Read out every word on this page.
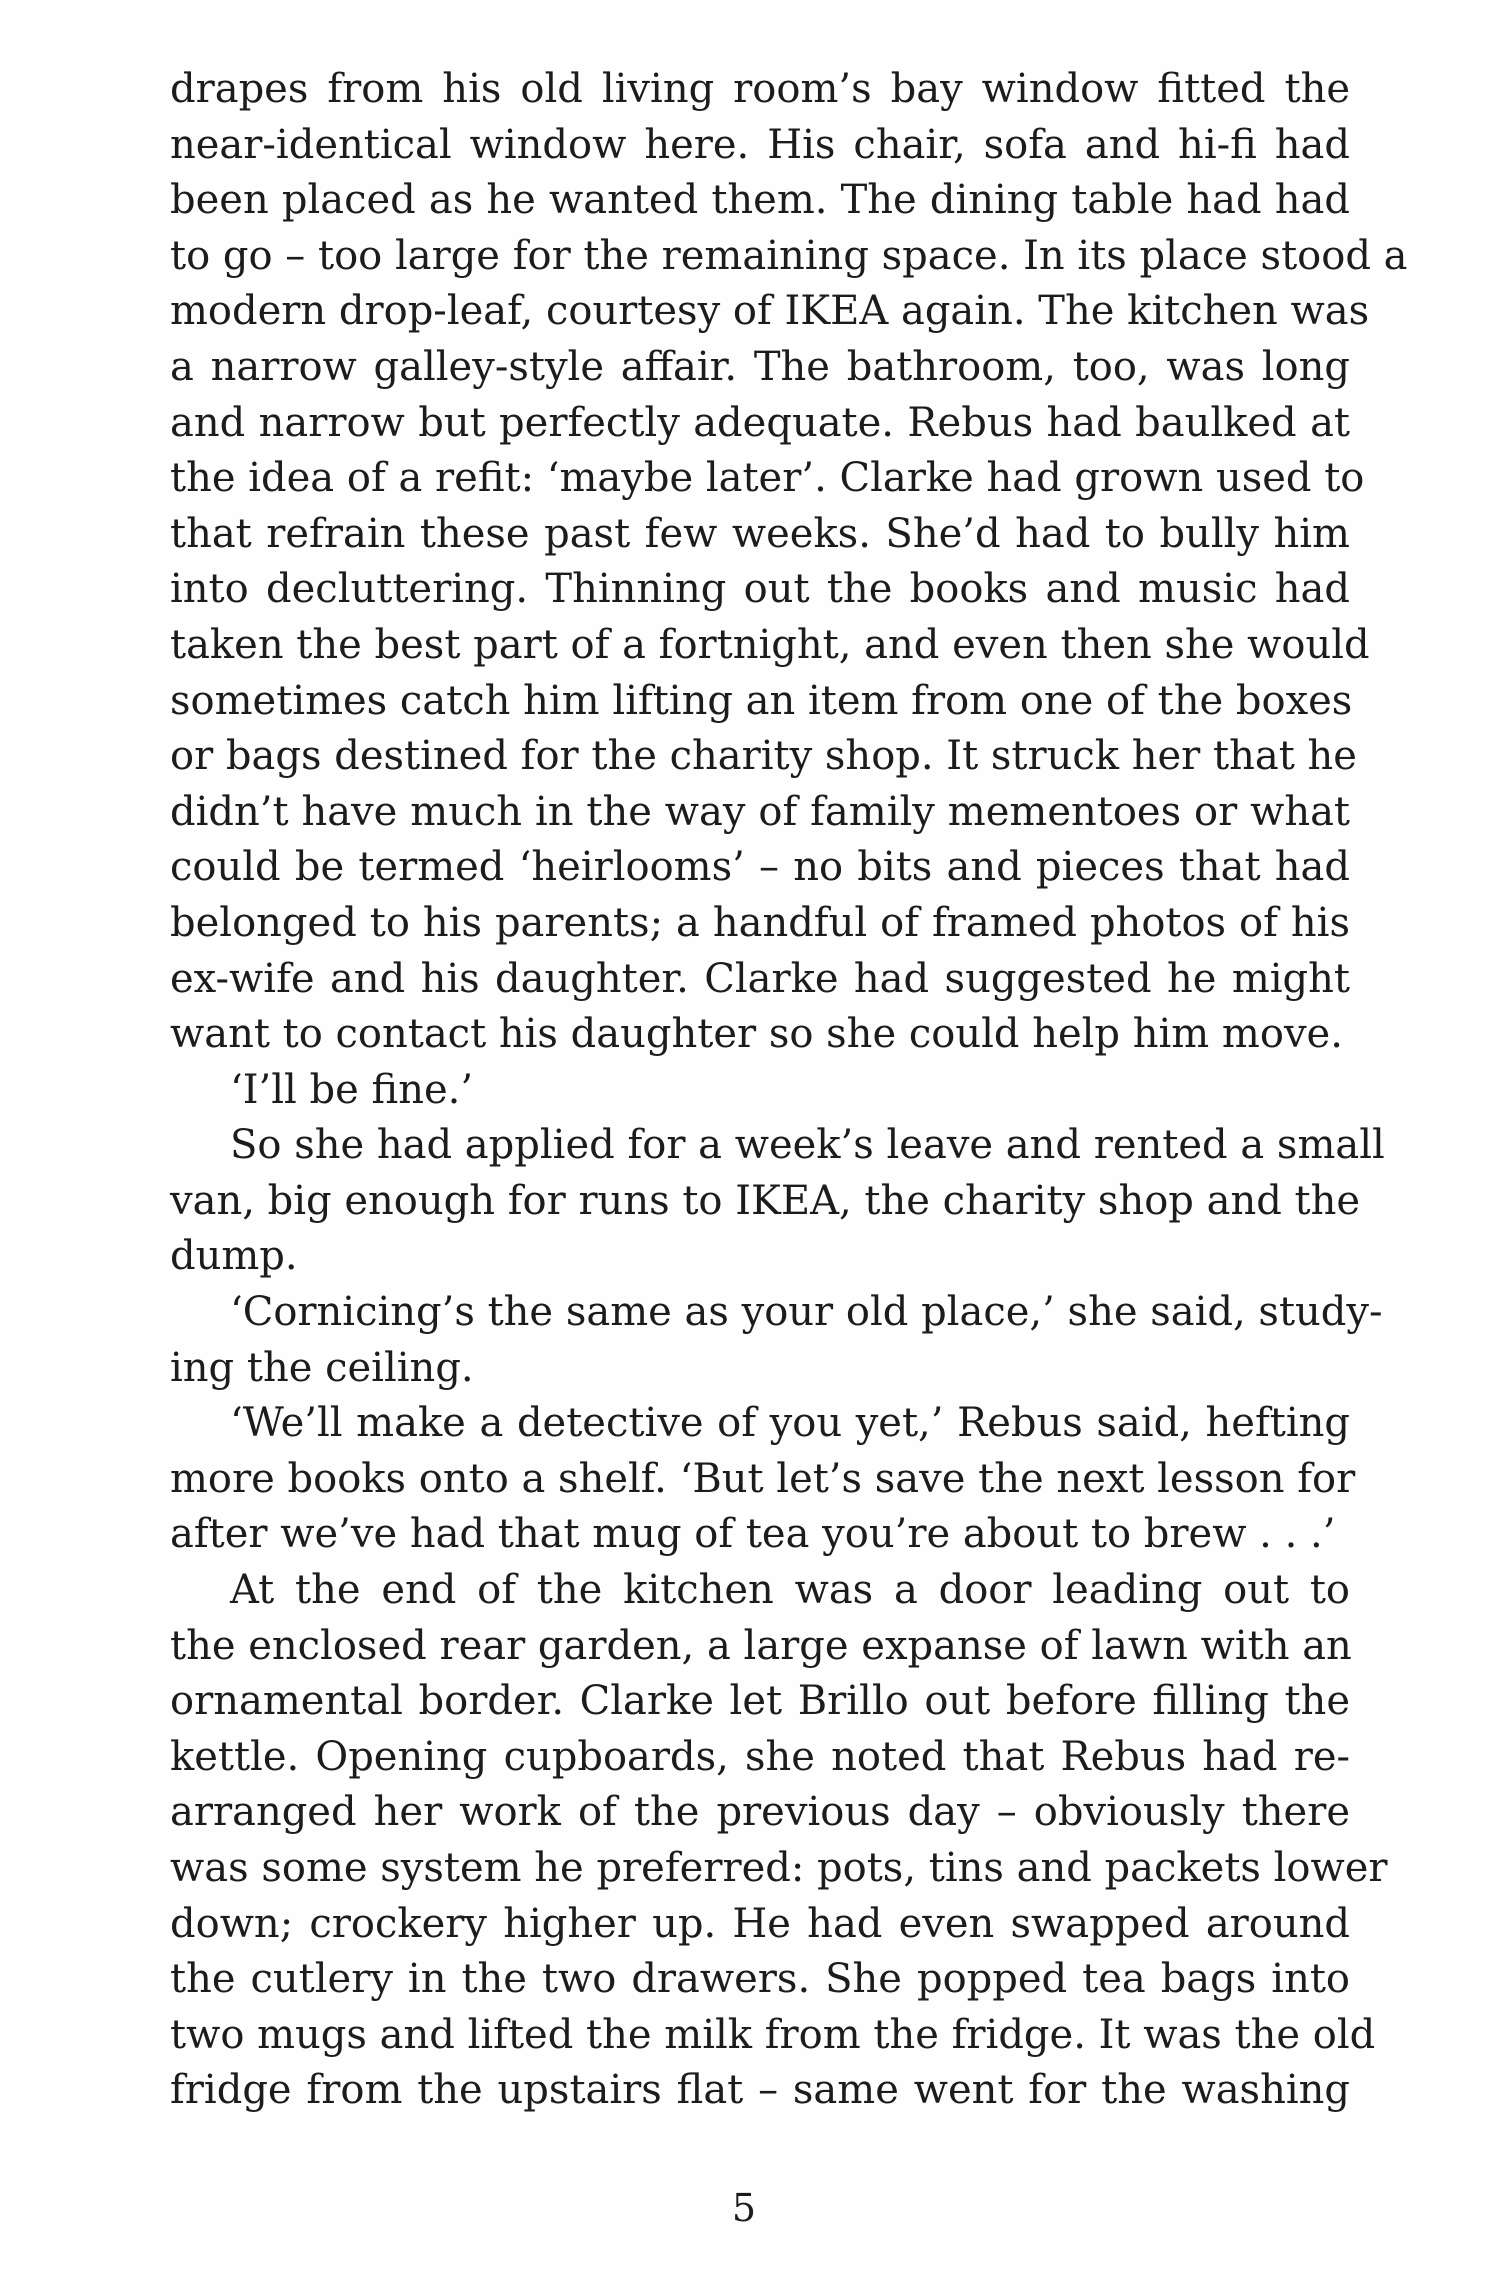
drapes from his old living room’s bay window fitted the
near-identical window here. His chair, sofa and hi-fi had
been placed as he wanted them. The dining table had had
to go – too large for the remaining space. In its place stood a
modern drop-leaf, courtesy of IKEA again. The kitchen was
a narrow galley-style affair. The bathroom, too, was long
and narrow but perfectly adequate. Rebus had baulked at
the idea of a refit: ‘maybe later’. Clarke had grown used to
that refrain these past few weeks. She’d had to bully him
into decluttering. Thinning out the books and music had
taken the best part of a fortnight, and even then she would
sometimes catch him lifting an item from one of the boxes
or bags destined for the charity shop. It struck her that he
didn’t have much in the way of family mementoes or what
could be termed ‘heirlooms’ – no bits and pieces that had
belonged to his parents; a handful of framed photos of his
ex-wife and his daughter. Clarke had suggested he might
want to contact his daughter so she could help him move.
‘I’ll be fine.’
So she had applied for a week’s leave and rented a small
van, big enough for runs to IKEA, the charity shop and the
dump.
‘Cornicing’s the same as your old place,’ she said, study-
ing the ceiling.
‘We’ll make a detective of you yet,’ Rebus said, hefting
more books onto a shelf. ‘But let’s save the next lesson for
after we’ve had that mug of tea you’re about to brew . . .’
At the end of the kitchen was a door leading out to
the enclosed rear garden, a large expanse of lawn with an
ornamental border. Clarke let Brillo out before filling the
kettle. Opening cupboards, she noted that Rebus had re-
arranged her work of the previous day – obviously there
was some system he preferred: pots, tins and packets lower
down; crockery higher up. He had even swapped around
the cutlery in the two drawers. She popped tea bags into
two mugs and lifted the milk from the fridge. It was the old
fridge from the upstairs flat – same went for the washing
5
